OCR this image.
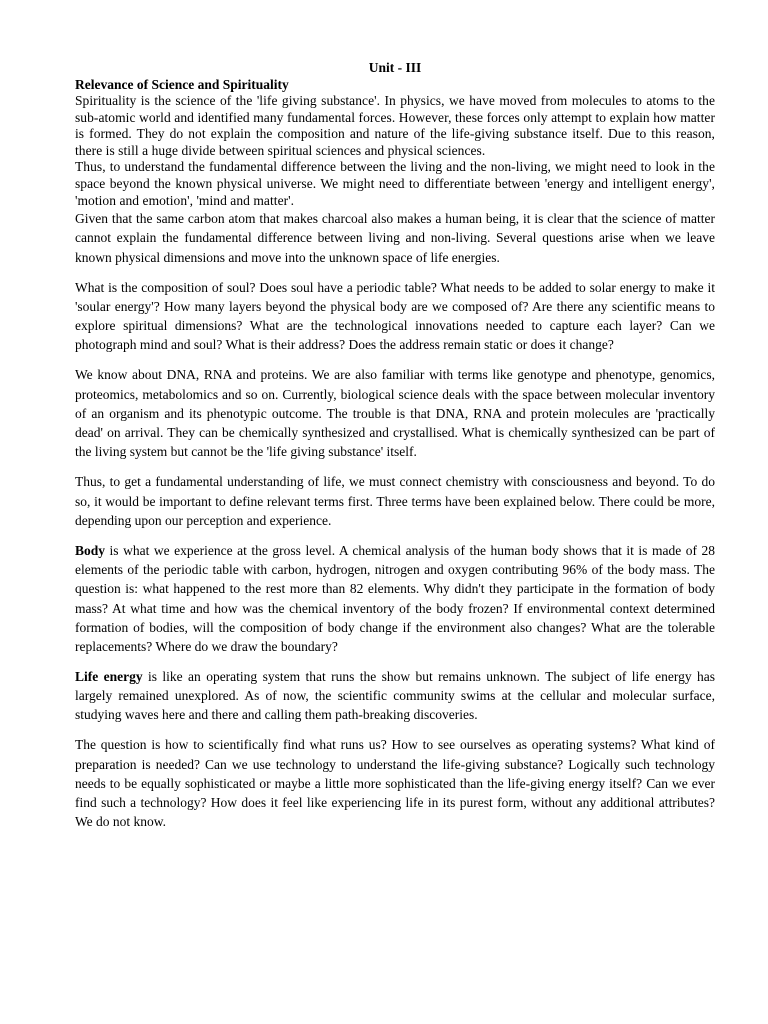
Unit - III

Relevance of Science and Spirituality

Spirituality is the science of the 'life giving substance'. In physics, we have moved from molecules to atoms to the sub-atomic world and identified many fundamental forces. However, these forces only attempt to explain how matter is formed. They do not explain the composition and nature of the life-giving substance itself. Due to this reason, there is still a huge divide between spiritual sciences and physical sciences.

Thus, to understand the fundamental difference between the living and the non-living, we might need to look in the space beyond the known physical universe. We might need to differentiate between 'energy and intelligent energy', 'motion and emotion', 'mind and matter'.

Given that the same carbon atom that makes charcoal also makes a human being, it is clear that the science of matter cannot explain the fundamental difference between living and non-living. Several questions arise when we leave known physical dimensions and move into the unknown space of life energies.

What is the composition of soul? Does soul have a periodic table? What needs to be added to solar energy to make it 'soular energy'? How many layers beyond the physical body are we composed of? Are there any scientific means to explore spiritual dimensions? What are the technological innovations needed to capture each layer? Can we photograph mind and soul? What is their address? Does the address remain static or does it change?

We know about DNA, RNA and proteins. We are also familiar with terms like genotype and phenotype, genomics, proteomics, metabolomics and so on. Currently, biological science deals with the space between molecular inventory of an organism and its phenotypic outcome. The trouble is that DNA, RNA and protein molecules are 'practically dead' on arrival. They can be chemically synthesized and crystallised. What is chemically synthesized can be part of the living system but cannot be the 'life giving substance' itself.

Thus, to get a fundamental understanding of life, we must connect chemistry with consciousness and beyond. To do so, it would be important to define relevant terms first. Three terms have been explained below. There could be more, depending upon our perception and experience.

Body is what we experience at the gross level. A chemical analysis of the human body shows that it is made of 28 elements of the periodic table with carbon, hydrogen, nitrogen and oxygen contributing 96% of the body mass. The question is: what happened to the rest more than 82 elements. Why didn't they participate in the formation of body mass? At what time and how was the chemical inventory of the body frozen? If environmental context determined formation of bodies, will the composition of body change if the environment also changes? What are the tolerable replacements? Where do we draw the boundary?

Life energy is like an operating system that runs the show but remains unknown. The subject of life energy has largely remained unexplored. As of now, the scientific community swims at the cellular and molecular surface, studying waves here and there and calling them path-breaking discoveries.

The question is how to scientifically find what runs us? How to see ourselves as operating systems? What kind of preparation is needed? Can we use technology to understand the life-giving substance? Logically such technology needs to be equally sophisticated or maybe a little more sophisticated than the life-giving energy itself? Can we ever find such a technology? How does it feel like experiencing life in its purest form, without any additional attributes? We do not know.
